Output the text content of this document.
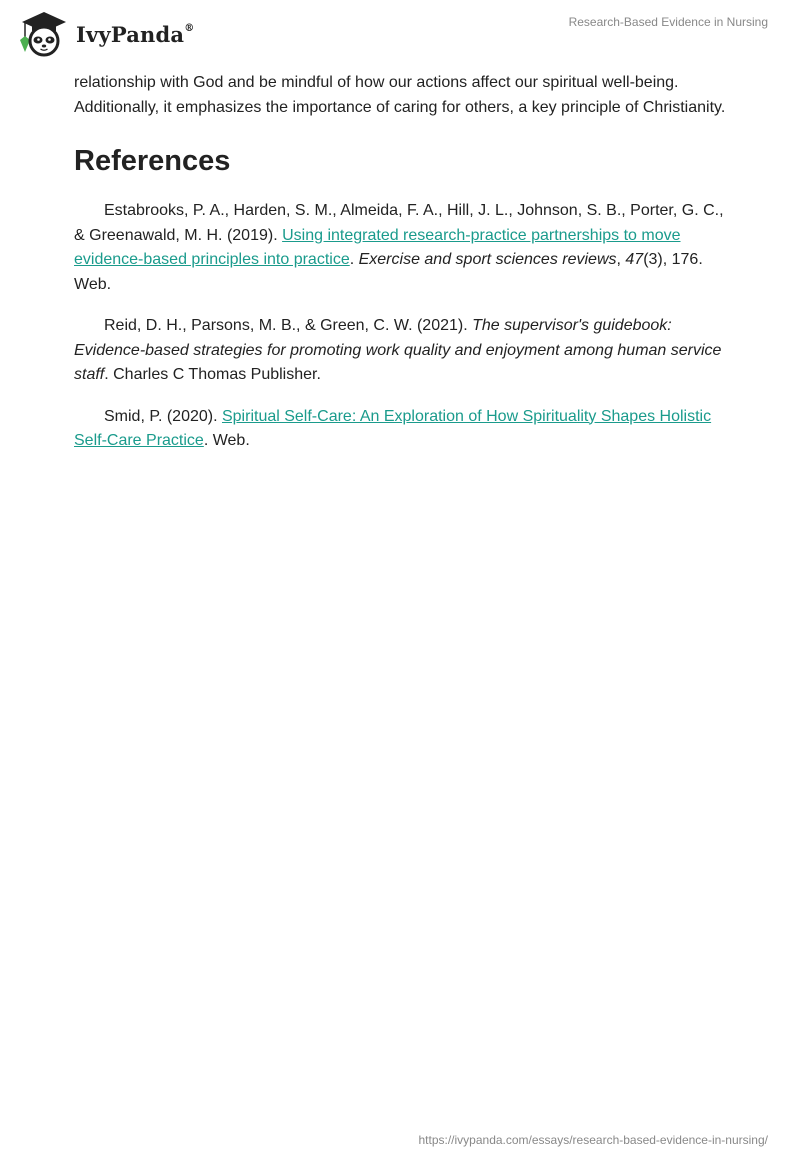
IvyPanda®	Research-Based Evidence in Nursing

relationship with God and be mindful of how our actions affect our spiritual well-being. Additionally, it emphasizes the importance of caring for others, a key principle of Christianity.

References

Estabrooks, P. A., Harden, S. M., Almeida, F. A., Hill, J. L., Johnson, S. B., Porter, G. C., & Greenawald, M. H. (2019). Using integrated research-practice partnerships to move evidence-based principles into practice. Exercise and sport sciences reviews, 47(3), 176. Web.

Reid, D. H., Parsons, M. B., & Green, C. W. (2021). The supervisor's guidebook: Evidence-based strategies for promoting work quality and enjoyment among human service staff. Charles C Thomas Publisher.

Smid, P. (2020). Spiritual Self-Care: An Exploration of How Spirituality Shapes Holistic Self-Care Practice. Web.

https://ivypanda.com/essays/research-based-evidence-in-nursing/
